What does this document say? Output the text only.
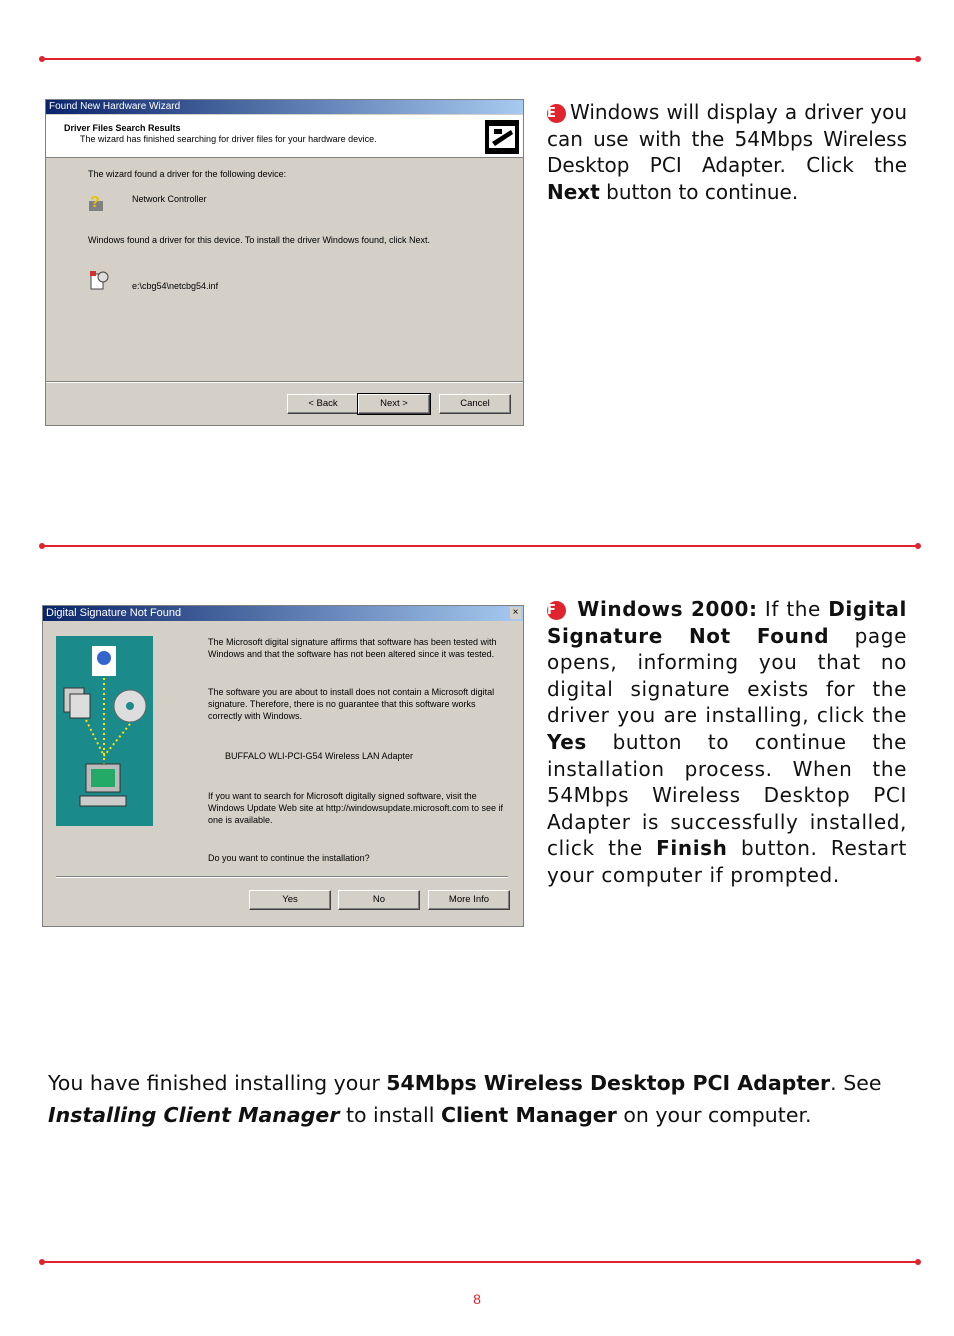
Found New Hardware Wizard
Driver Files Search Results
The wizard has finished searching for driver files for your hardware device.
The wizard found a driver for the following device:
?	Network Controller
Windows found a driver for this device. To install the driver Windows found, click Next.
e:\cbg54\netcbg54.inf
< Back	Next >	Cancel
E Windows will display a driver you can use with the 54Mbps Wireless Desktop PCI Adapter. Click the Next button to continue.
Digital Signature Not Found	×
The Microsoft digital signature affirms that software has been tested with Windows and that the software has not been altered since it was tested.
The software you are about to install does not contain a Microsoft digital signature. Therefore, there is no guarantee that this software works correctly with Windows.
BUFFALO WLI-PCI-G54 Wireless LAN Adapter
If you want to search for Microsoft digitally signed software, visit the Windows Update Web site at http://windowsupdate.microsoft.com to see if one is available.
Do you want to continue the installation?
Yes	No	More Info
F Windows 2000: If the Digital Signature Not Found page opens, informing you that no digital signature exists for the driver you are installing, click the Yes button to continue the installation process. When the 54Mbps Wireless Desktop PCI Adapter is successfully installed, click the Finish button. Restart your computer if prompted.
You have finished installing your 54Mbps Wireless Desktop PCI Adapter. See Installing Client Manager to install Client Manager on your computer.
8
